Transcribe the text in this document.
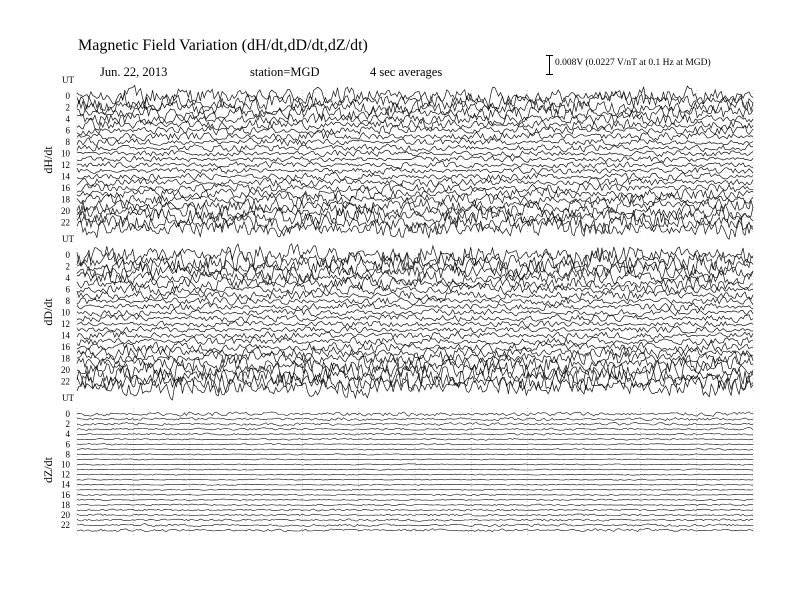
Magnetic Field Variation (dH/dt,dD/dt,dZ/dt)
Jun. 22, 2013	station=MGD	4 sec averages
0.008V (0.0227 V/nT at 0.1 Hz at MGD)
UT
dH/dt
0
2
4
6
8
10
12
14
16
18
20
22
UT
dD/dt
0
2
4
6
8
10
12
14
16
18
20
22
UT
dZ/dt
0
2
4
6
8
10
12
14
16
18
20
22
